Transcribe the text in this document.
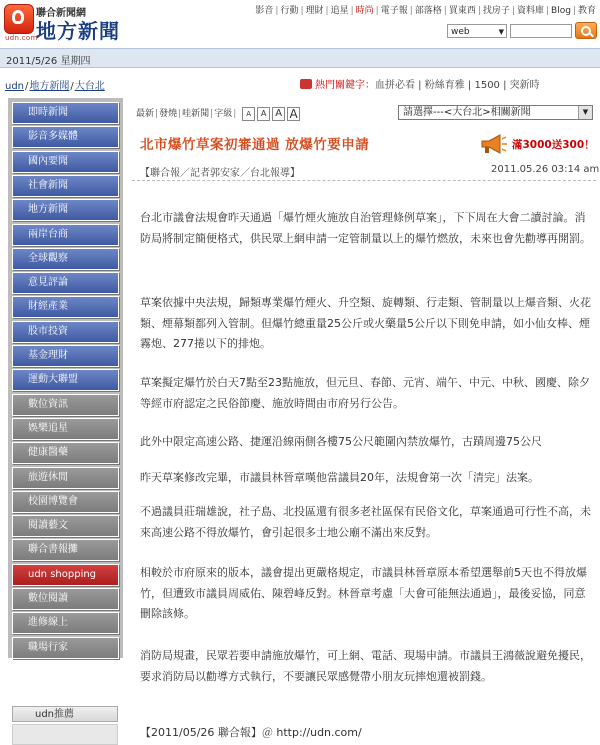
udn.com
聯合新聞網
地方新聞
影音 | 行動 | 理財 | 追星 | 時尚 | 電子報 | 部落格 | 買東西 | 找房子 | 資料庫 | Blog | 教育
web	▼
2011/5/26 星期四
udn/地方新聞/大台北	熱門關鍵字：血拼必看 | 粉絲育雅 | 1500 | 突新時
即時新聞
影音多媒體
國內要聞
社會新聞
地方新聞
兩岸台商
全球觀察
意見評論
財經產業
股市投資
基金理財
運動大聯盟
數位資訊
娛樂追星
健康醫藥
旅遊休閒
校園博覽會
閱讀藝文
聯合書報攤
udn shopping
數位閱讀
進修線上
職場行家
udn推薦
最新|發燒|哇新聞|字級| A A A A	請選擇---<大台北>相關新聞	▼
北市爆竹草案初審通過 放爆竹要申請	滿3000送300！
【聯合報／記者郭安家／台北報導】	2011.05.26 03:14 am
台北市議會法規會昨天通過「爆竹煙火施放自治管理條例草案」，下下周在大會二讀討論。消防局將制定簡便格式，供民眾上網申請一定管制量以上的爆竹燃放，未來也會先勸導再開罰。
草案依據中央法規，歸類專業爆竹煙火、升空類、旋轉類、行走類、管制量以上爆音類、火花類、煙幕類都列入管制。但爆竹總重量25公斤或火藥量5公斤以下則免申請，如小仙女棒、煙霧炮、277捲以下的排炮。
草案擬定爆竹於白天7點至23點施放，但元旦、春節、元宵、端午、中元、中秋、國慶、除夕等經市府認定之民俗節慶、施放時間由市府另行公告。
此外中限定高速公路、捷運沿線兩側各樓75公尺範圍內禁放爆竹，古蹟周邊75公尺
昨天草案修改完畢，市議員林晉章嘆他當議員20年，法規會第一次「清完」法案。
不過議員莊瑞雄說，社子島、北投區還有很多老社區保有民俗文化，草案通過可行性不高，未來高速公路不得放爆竹，會引起很多士地公廟不滿出來反對。
相較於市府原來的版本，議會提出更嚴格規定，市議員林晉章原本希望選舉前5天也不得放爆竹，但遭致市議員周威佑、陳碧峰反對。林晉章考慮「大會可能無法通過」，最後妥協，同意刪除該條。
消防局規畫，民眾若要申請施放爆竹，可上網、電話、現場申請。市議員王鴻薇說避免擾民，要求消防局以勸導方式執行，不要讓民眾感覺帶小朋友玩摔炮還被罰錢。
【2011/05/26 聯合報】＠ http://udn.com/
